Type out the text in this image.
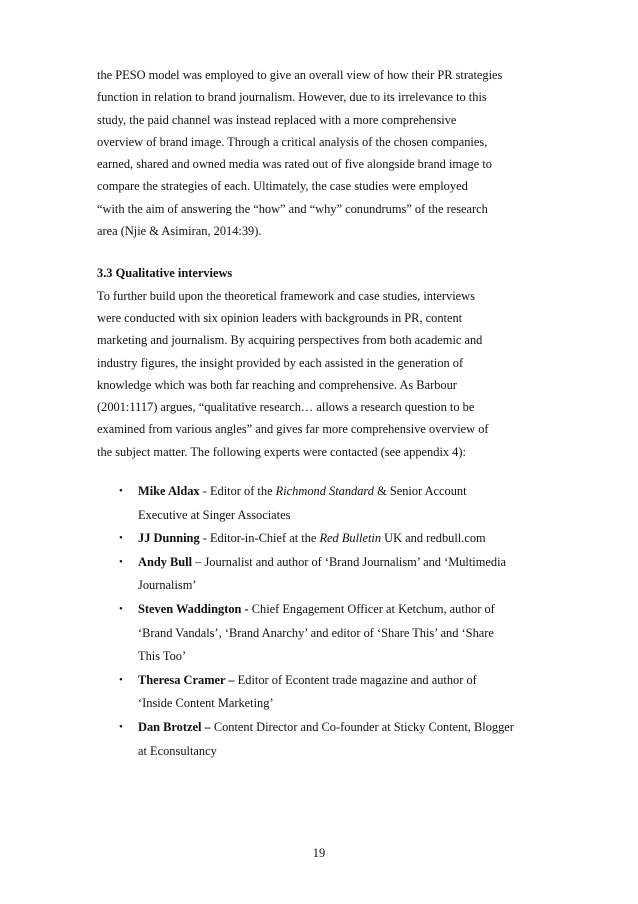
the PESO model was employed to give an overall view of how their PR strategies
function in relation to brand journalism. However, due to its irrelevance to this
study, the paid channel was instead replaced with a more comprehensive
overview of brand image. Through a critical analysis of the chosen companies,
earned, shared and owned media was rated out of five alongside brand image to
compare the strategies of each. Ultimately, the case studies were employed
“with the aim of answering the “how” and “why” conundrums” of the research
area (Njie & Asimiran, 2014:39).
3.3 Qualitative interviews
To further build upon the theoretical framework and case studies, interviews
were conducted with six opinion leaders with backgrounds in PR, content
marketing and journalism. By acquiring perspectives from both academic and
industry figures, the insight provided by each assisted in the generation of
knowledge which was both far reaching and comprehensive. As Barbour
(2001:1117) argues, “qualitative research… allows a research question to be
examined from various angles” and gives far more comprehensive overview of
the subject matter. The following experts were contacted (see appendix 4):
•	Mike Aldax - Editor of the Richmond Standard & Senior Account
Executive at Singer Associates
•	JJ Dunning - Editor-in-Chief at the Red Bulletin UK and redbull.com
•	Andy Bull – Journalist and author of ‘Brand Journalism’ and ‘Multimedia
Journalism’
•	Steven Waddington - Chief Engagement Officer at Ketchum, author of
‘Brand Vandals’, ‘Brand Anarchy’ and editor of ‘Share This’ and ‘Share
This Too’
•	Theresa Cramer – Editor of Econtent trade magazine and author of
‘Inside Content Marketing’
•	Dan Brotzel – Content Director and Co-founder at Sticky Content, Blogger
at Econsultancy
19
